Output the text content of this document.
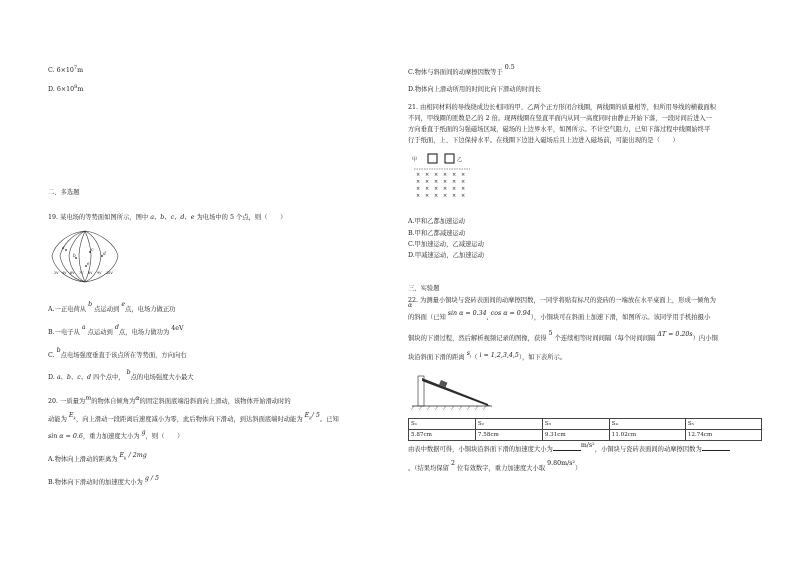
C. $6\times 10^7m$
D. $6\times 10^8m$
二、多选题
19. 某电场的等势面如图所示，图中 a、b、c、d、e 为电场中的 5 个点，则（　　）
a
b
c
d
e
2V 4V 6V 7V 8V 9V 10V
A.一正电荷从 b 点运动到 e点，电场力做正功
B.一电子从 a 点运动到 d点，电场力做功为 4eV
C. b点电场强度垂直于该点所在等势面，方向向右
D. a、b、c、d 四个点中， b点的电场强度大小最大
20. 一质量为m的物体自倾角为α的固定斜面底端沿斜面向上滑动，该物体开始滑动时的
动能为 $E_k$，向上滑动一段距离后速度减小为零，此后物体向下滑动，到达斜面底端时动能为 $E_k/$ 5。已知
sin α = 0.6，重力加速度大小为 g，则（　　）
A.物体向上滑动的距离为 $E_k / 2mg$
B.物体向下滑动时的加速度大小为 g / 5
C.物体与斜面间的动摩擦因数等于 0.5
D.物体向上滑动所用的时间比向下滑动的时间长
21. 由相同材料的导线绕成边长相同的甲、乙两个正方形闭合线圈，两线圈的质量相等，但所用导线的横截面积
不同，甲线圈的匝数是乙的 2 倍。现两线圈在竖直平面内从同一高度同时由静止开始下落，一段时间后进入一
方向垂直于纸面的匀强磁场区域，磁场的上边界水平，如图所示。不计空气阻力，已知下落过程中线圈始终平
行于纸面，上、下边保持水平。在线圈下边进入磁场后且上边进入磁场前，可能出现的是（　　）
甲	乙
× × × × × ×
× × × × × ×
× × × × × ×
× × × × × ×
A.甲和乙都加速运动
B.甲和乙都减速运动
C.甲加速运动，乙减速运动
D.甲减速运动，乙加速运动
三、实验题
22. 为测量小铜块与瓷砖表面间的动摩擦因数，一同学将贴有标尺的瓷砖的一端放在水平桌面上，形成一倾角为
α
的斜面（已知 sin α = 0.34, cos α = 0.94），小铜块可在斜面上加速下滑，如图所示。该同学用手机拍摄小
铜块的下滑过程，然后解析视频记录的图像，获得 5 个连续相等时间间隔（每个时间间隔 ΔT = 0.20s）内小铜
块沿斜面下滑的距离 $s_i$（ i = 1,2,3,4,5），如下表所示。
S₁	S₂	S₃	S₄	S₅
5.87cm	7.58cm	9.31cm	11.02cm	12.74cm
由表中数据可得，小铜块沿斜面下滑的加速度大小为m/s²，小铜块与瓷砖表面间的动摩擦因数为
。（结果均保留 2 位有效数字，重力加速度大小取 9.80m/s²）
